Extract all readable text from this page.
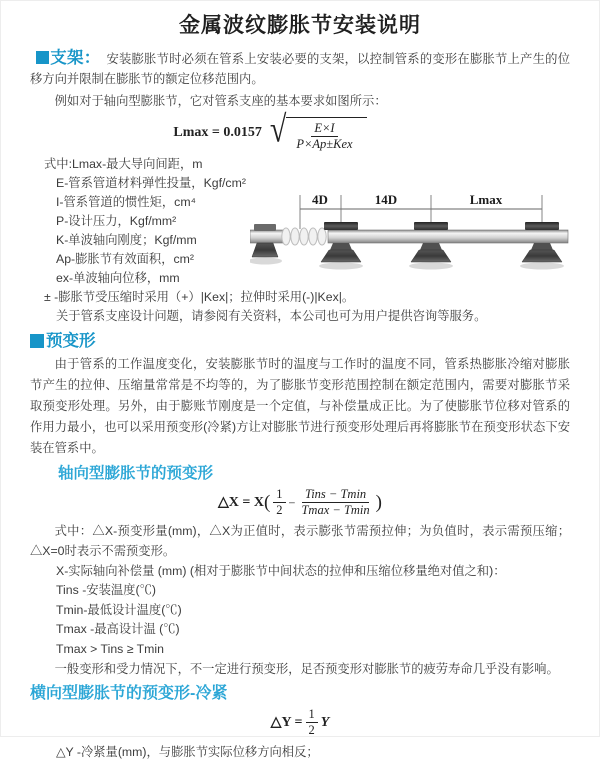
金属波纹膨胀节安装说明

支架： 安装膨胀节时必须在管系上安装必要的支架，以控制管系的变形在膨胀节上产生的位移方向并限制在膨胀节的额定位移范围内。

例如对于轴向型膨胀节，它对管系支座的基本要求如图所示：

Lmax = 0.0157 √ $\frac{E\times I}{\text{P×Ap±Kex}}$
式中:Lmax-最大导向间距，m
E-管系管道材料弹性投量，Kgf/cm²
I-管系管道的惯性矩，cm⁴
P-设计压力，Kgf/mm²
K-单波轴向刚度；Kgf/mm
Ap-膨胀节有效面积，cm²
ex-单波轴向位移，mm
± -膨胀节受压缩时采用（+）|Kex|；拉伸时采用(-)|Kex|。
关于管系支座设计问题，请参阅有关资料，本公司也可为用户提供咨询等服务。
4D	14D	Lmax
预变形

由于管系的工作温度变化，安装膨胀节时的温度与工作时的温度不同，管系热膨胀冷缩对膨胀节产生的拉伸、压缩量常常是不均等的，为了膨胀节变形范围控制在额定范围内，需要对膨胀节采取预变形处理。另外，由于膨账节刚度是一个定值，与补偿量成正比。为了使膨胀节位移对管系的作用力最小，也可以采用预变形(冷紧)方让对膨胀节进行预变形处理后再将膨胀节在预变形状态下安装在管系中。

轴向型膨胀节的预变形
△X = X ( $\frac{1}{2} - \frac{\text{Tins − Tmin}}{Tmax - Tmin}$ )

式中：△X-预变形量(mm)，△X为正值时，表示膨张节需预拉伸；为负值时，表示需预压缩；△X=0时表示不需预变形。

X-实际轴向补偿量 (mm) (相对于膨胀节中间状态的拉伸和压缩位移量绝对值之和)：

Tins -安装温度(℃)
Tmin-最低设计温度(℃)
Tmax -最高设计温 (℃)
Tmax > Tins ≥ Tmin

一般变形和受力情况下，不一定进行预变形，足否预变形对膨胀节的疲劳寿命几乎没有影响。

横向型膨胀节的预变形-冷紧
△Y = $\frac{1}{2}$ Y

△Y -冷紧量(mm)，与膨胀节实际位移方向相反；
